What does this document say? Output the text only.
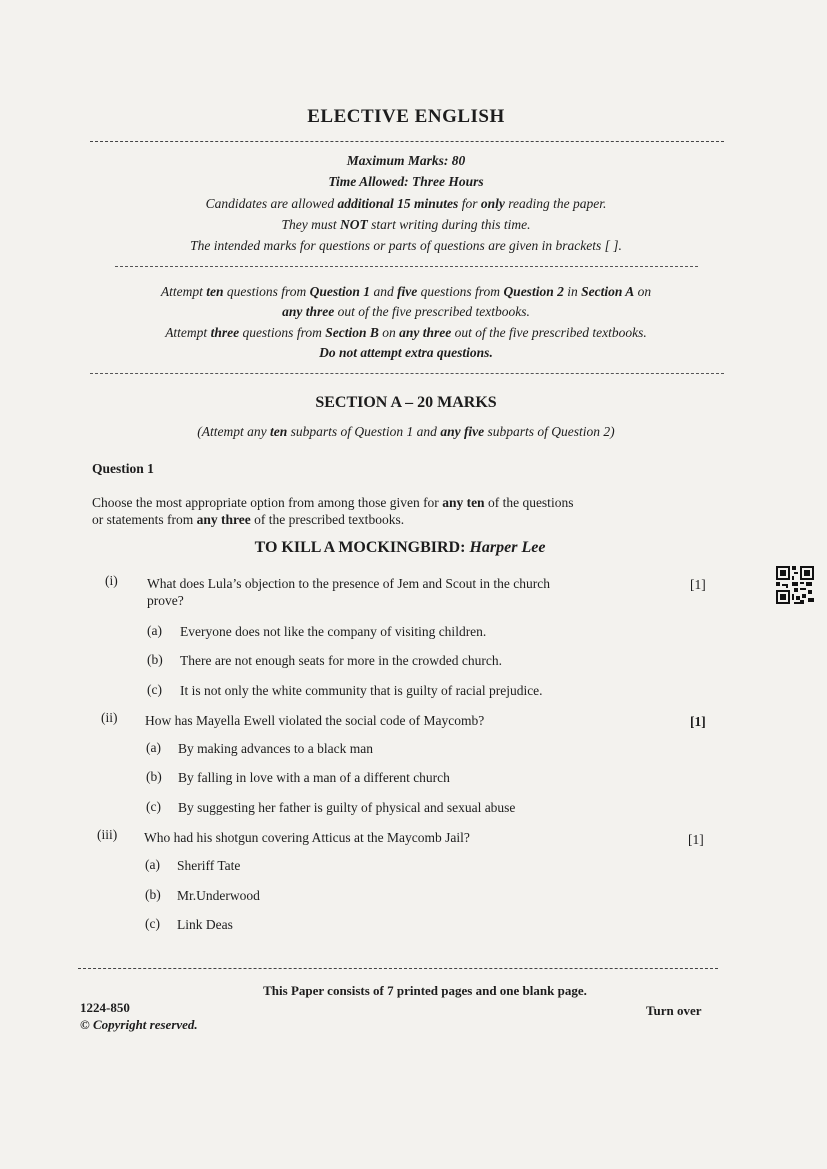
ELECTIVE ENGLISH
Maximum Marks: 80
Time Allowed: Three Hours
Candidates are allowed additional 15 minutes for only reading the paper.
They must NOT start writing during this time.
The intended marks for questions or parts of questions are given in brackets [ ].
Attempt ten questions from Question 1 and five questions from Question 2 in Section A on
any three out of the five prescribed textbooks.
Attempt three questions from Section B on any three out of the five prescribed textbooks.
Do not attempt extra questions.
SECTION A – 20 MARKS
(Attempt any ten subparts of Question 1 and any five subparts of Question 2)
Question 1
Choose the most appropriate option from among those given for any ten of the questions
or statements from any three of the prescribed textbooks.
TO KILL A MOCKINGBIRD: Harper Lee
(i) What does Lula’s objection to the presence of Jem and Scout in the church
prove?
[1]
(a) Everyone does not like the company of visiting children.
(b) There are not enough seats for more in the crowded church.
(c) It is not only the white community that is guilty of racial prejudice.
(ii) How has Mayella Ewell violated the social code of Maycomb?	[1]
(a) By making advances to a black man
(b) By falling in love with a man of a different church
(c) By suggesting her father is guilty of physical and sexual abuse
(iii) Who had his shotgun covering Atticus at the Maycomb Jail?	[1]
(a) Sheriff Tate
(b) Mr.Underwood
(c) Link Deas
This Paper consists of 7 printed pages and one blank page.
1224-850
© Copyright reserved.
Turn over
